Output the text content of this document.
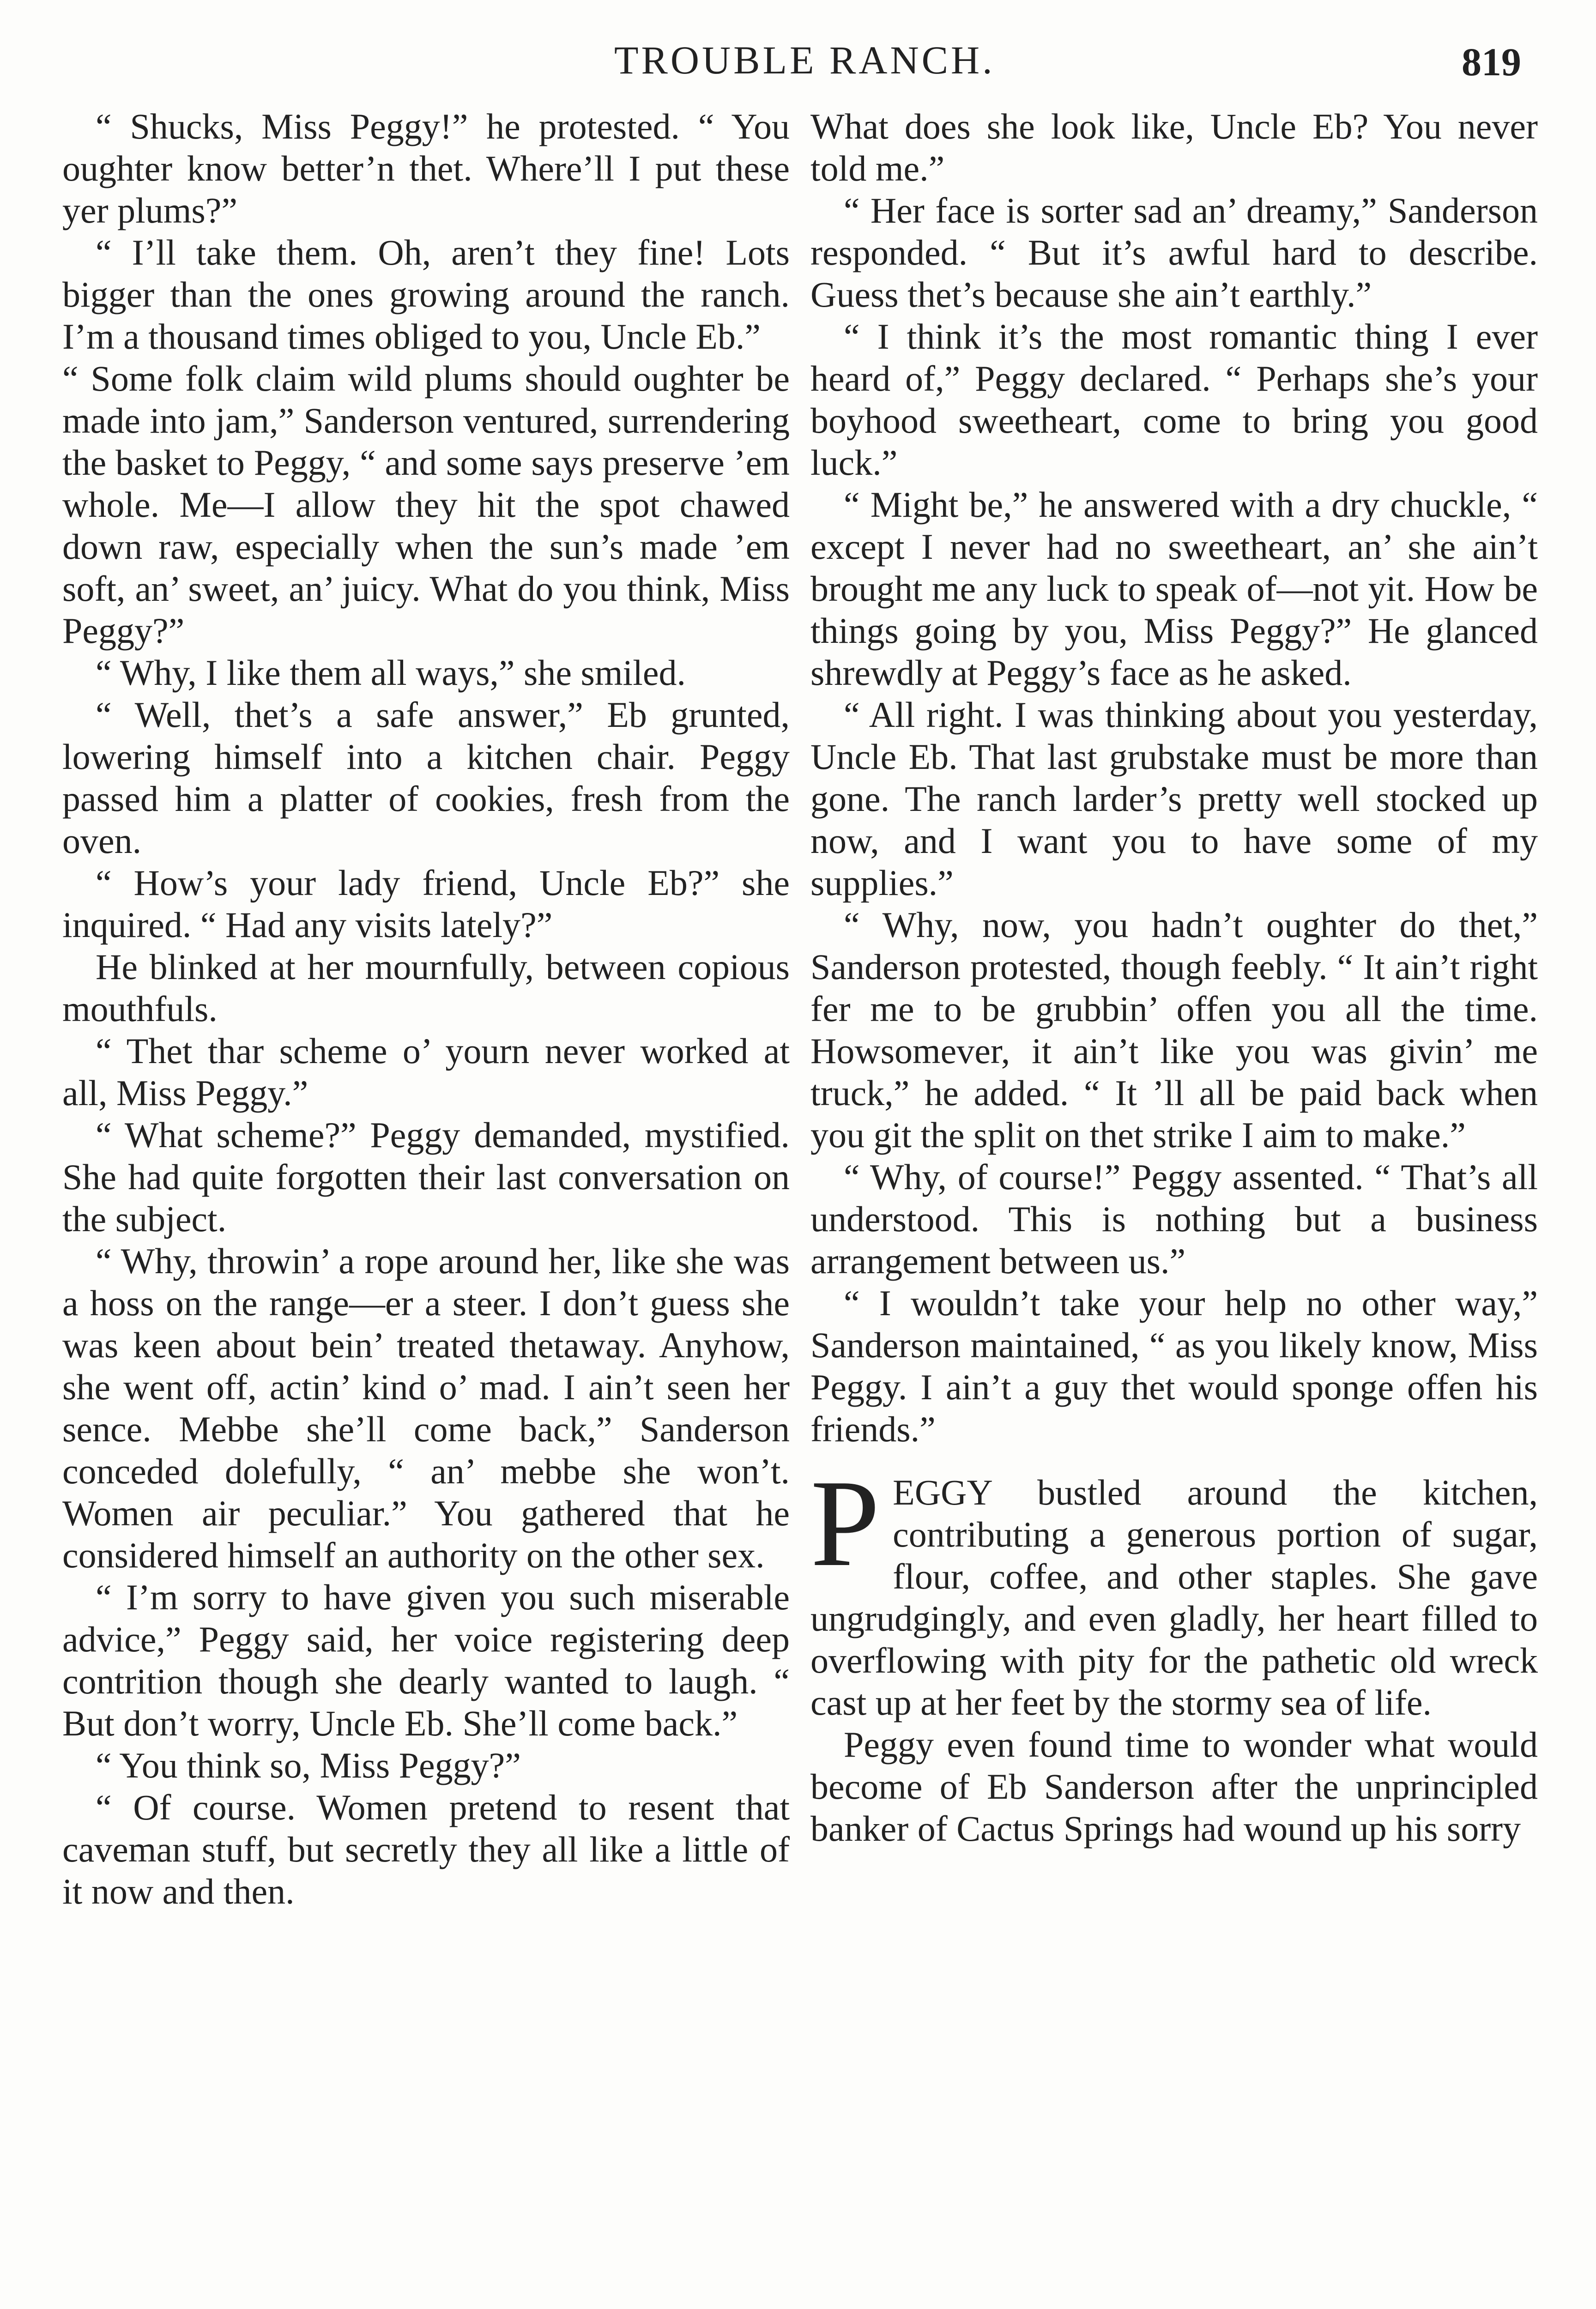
TROUBLE RANCH.	819

“ Shucks, Miss Peggy!” he protested. “ You oughter know better’n thet. Where’ll I put these yer plums?”

“ I’ll take them. Oh, aren’t they fine! Lots bigger than the ones growing around the ranch. I’m a thousand times obliged to you, Uncle Eb.”

“ Some folk claim wild plums should oughter be made into jam,” Sanderson ventured, surrendering the basket to Peggy, “ and some says preserve ’em whole. Me—I allow they hit the spot chawed down raw, especially when the sun’s made ’em soft, an’ sweet, an’ juicy. What do you think, Miss Peggy?”

“ Why, I like them all ways,” she smiled.

“ Well, thet’s a safe answer,” Eb grunted, lowering himself into a kitchen chair. Peggy passed him a platter of cookies, fresh from the oven.

“ How’s your lady friend, Uncle Eb?” she inquired. “ Had any visits lately?”

He blinked at her mournfully, between copious mouthfuls.

“ Thet thar scheme o’ yourn never worked at all, Miss Peggy.”

“ What scheme?” Peggy demanded, mystified. She had quite forgotten their last conversation on the subject.

“ Why, throwin’ a rope around her, like she was a hoss on the range—er a steer. I don’t guess she was keen about bein’ treated thetaway. Anyhow, she went off, actin’ kind o’ mad. I ain’t seen her sence. Mebbe she’ll come back,” Sanderson conceded dolefully, “ an’ mebbe she won’t. Women air peculiar.” You gathered that he considered himself an authority on the other sex.

“ I’m sorry to have given you such miserable advice,” Peggy said, her voice registering deep contrition though she dearly wanted to laugh. “ But don’t worry, Uncle Eb. She’ll come back.”

“ You think so, Miss Peggy?”

“ Of course. Women pretend to resent that caveman stuff, but secretly they all like a little of it now and then.

What does she look like, Uncle Eb? You never told me.”

“ Her face is sorter sad an’ dreamy,” Sanderson responded. “ But it’s awful hard to describe. Guess thet’s because she ain’t earthly.”

“ I think it’s the most romantic thing I ever heard of,” Peggy declared. “ Perhaps she’s your boyhood sweetheart, come to bring you good luck.”

“ Might be,” he answered with a dry chuckle, “ except I never had no sweetheart, an’ she ain’t brought me any luck to speak of—not yit. How be things going by you, Miss Peggy?” He glanced shrewdly at Peggy’s face as he asked.

“ All right. I was thinking about you yesterday, Uncle Eb. That last grubstake must be more than gone. The ranch larder’s pretty well stocked up now, and I want you to have some of my supplies.”

“ Why, now, you hadn’t oughter do thet,” Sanderson protested, though feebly. “ It ain’t right fer me to be grubbin’ offen you all the time. Howsomever, it ain’t like you was givin’ me truck,” he added. “ It ’ll all be paid back when you git the split on thet strike I aim to make.”

“ Why, of course!” Peggy assented. “ That’s all understood. This is nothing but a business arrangement between us.”

“ I wouldn’t take your help no other way,” Sanderson maintained, “ as you likely know, Miss Peggy. I ain’t a guy thet would sponge offen his friends.”

PEGGY bustled around the kitchen, contributing a generous portion of sugar, flour, coffee, and other staples. She gave ungrudgingly, and even gladly, her heart filled to overflowing with pity for the pathetic old wreck cast up at her feet by the stormy sea of life.

Peggy even found time to wonder what would become of Eb Sanderson after the unprincipled banker of Cactus Springs had wound up his sorry
